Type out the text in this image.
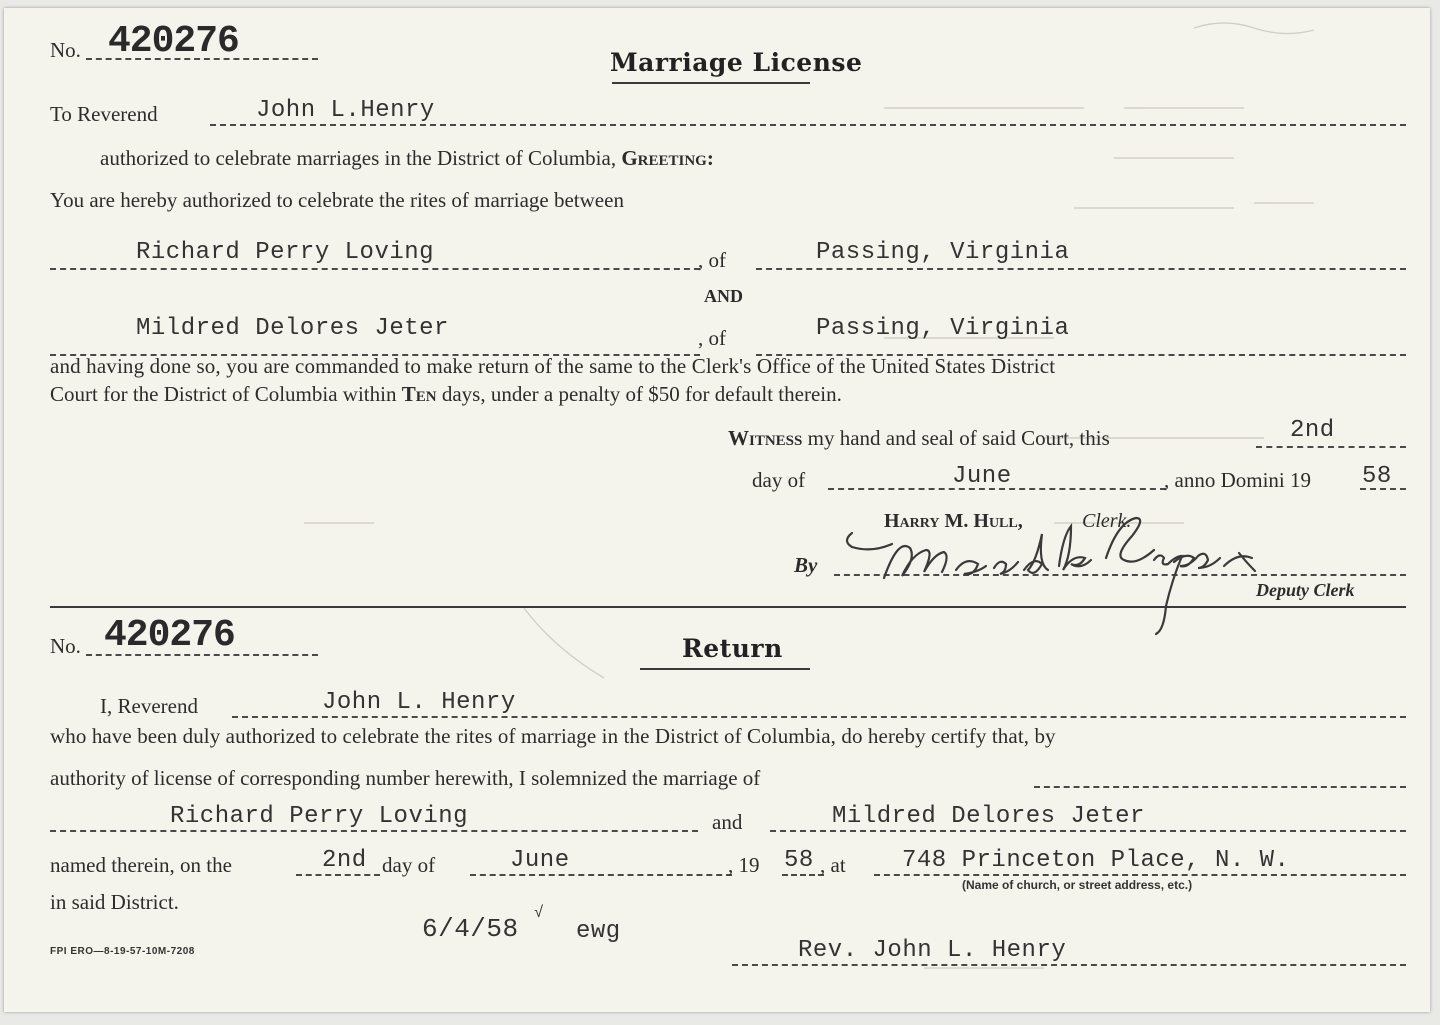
No. 420276	Marriage License
To Reverend	John L.Henry
authorized to celebrate marriages in the District of Columbia, Greeting:
You are hereby authorized to celebrate the rites of marriage between
Richard Perry Loving	, of	Passing, Virginia
AND
Mildred Delores Jeter	, of	Passing, Virginia
and having done so, you are commanded to make return of the same to the Clerk's Office of the United States District
Court for the District of Columbia within Ten days, under a penalty of $50 for default therein.
Witness my hand and seal of said Court, this	2nd
day of	June	, anno Domini 19 58
Harry M. Hull,	Clerk.
By
Deputy Clerk
No. 420276	Return
I, Reverend	John L. Henry
who have been duly authorized to celebrate the rites of marriage in the District of Columbia, do hereby certify that, by
authority of license of corresponding number herewith, I solemnized the marriage of
Richard Perry Loving	and	Mildred Delores Jeter
named therein, on the	2nd day of	June	, 19 58 , at 748 Princeton Place, N. W.
(Name of church, or street address, etc.)
in said District.
6/4/58
√
ewg
FPI ERO—8-19-57-10M-7208	Rev. John L. Henry
